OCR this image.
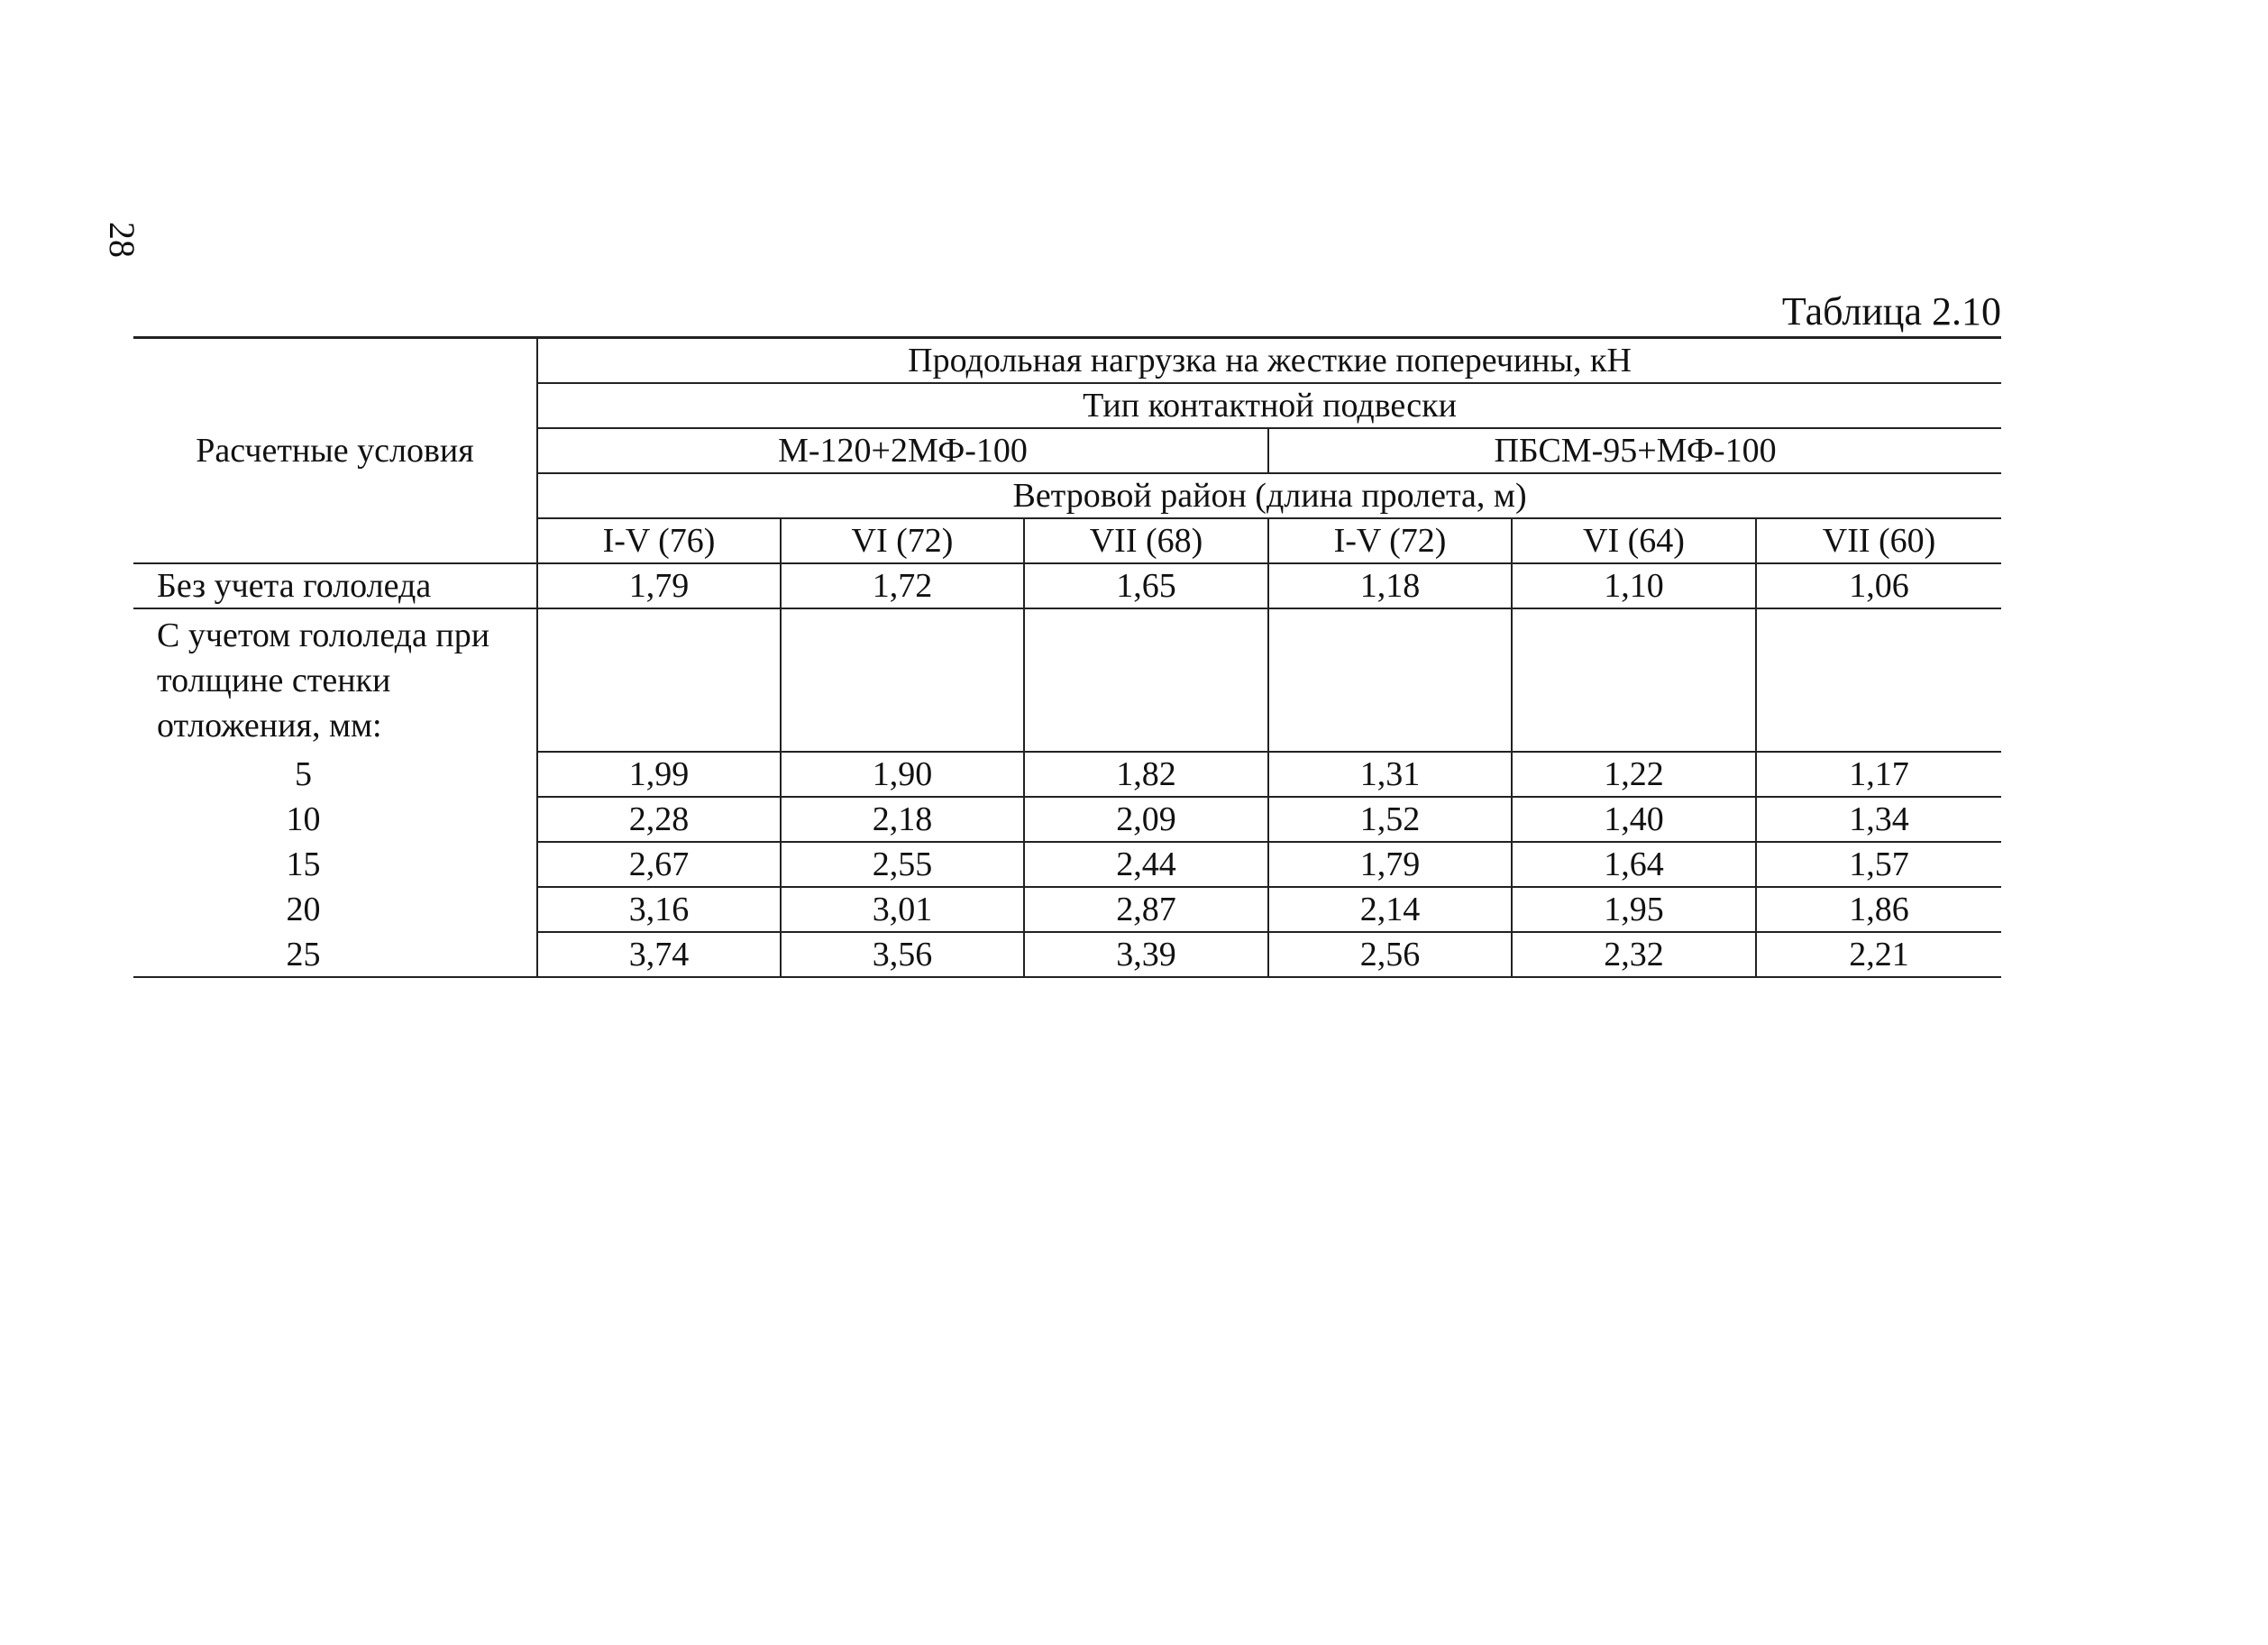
28
Таблица 2.10
Расчетные условия	Продольная нагрузка на жесткие поперечины, кН					
	Тип контактной подвески					
	М-120+2МФ-100			ПБСМ-95+МФ-100		
	Ветровой район (длина пролета, м)					
	I-V (76)	VI (72)	VII (68)	I-V (72)	VI (64)	VII (60)
Без учета гололеда	1,79	1,72	1,65	1,18	1,10	1,06
С учетом гололеда при толщине стенки отложения, мм:						
5	1,99	1,90	1,82	1,31	1,22	1,17
10	2,28	2,18	2,09	1,52	1,40	1,34
15	2,67	2,55	2,44	1,79	1,64	1,57
20	3,16	3,01	2,87	2,14	1,95	1,86
25	3,74	3,56	3,39	2,56	2,32	2,21
